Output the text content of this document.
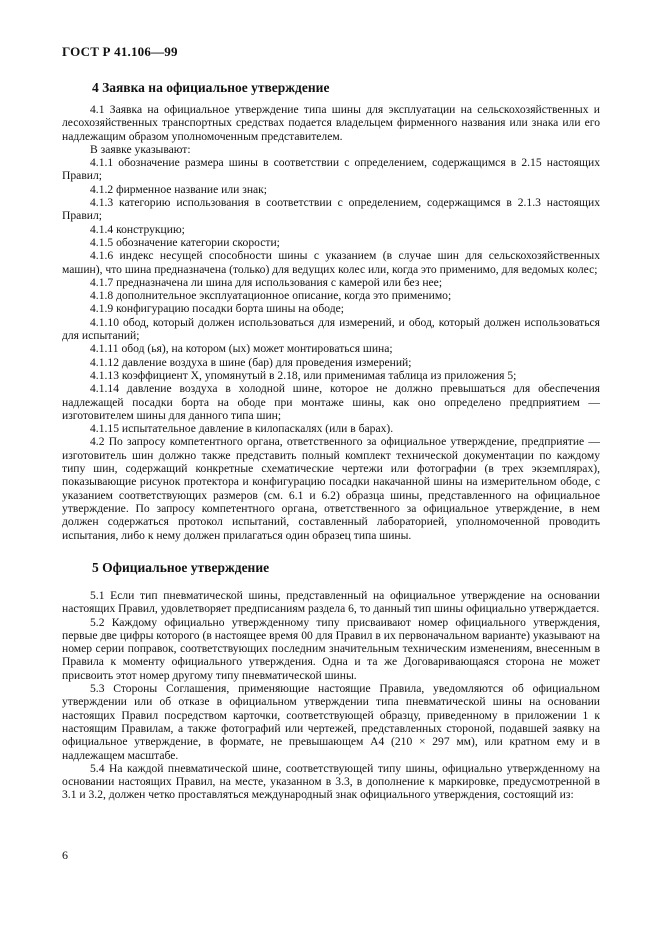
ГОСТ Р 41.106—99
4 Заявка на официальное утверждение

4.1 Заявка на официальное утверждение типа шины для эксплуатации на сельскохозяйственных и лесохозяйственных транспортных средствах подается владельцем фирменного названия или знака или его надлежащим образом уполномоченным представителем.

В заявке указывают:

4.1.1 обозначение размера шины в соответствии с определением, содержащимся в 2.15 настоящих Правил;

4.1.2 фирменное название или знак;

4.1.3 категорию использования в соответствии с определением, содержащимся в 2.1.3 настоящих Правил;

4.1.4 конструкцию;

4.1.5 обозначение категории скорости;

4.1.6 индекс несущей способности шины с указанием (в случае шин для сельскохозяйственных машин), что шина предназначена (только) для ведущих колес или, когда это применимо, для ведомых колес;

4.1.7 предназначена ли шина для использования с камерой или без нее;

4.1.8 дополнительное эксплуатационное описание, когда это применимо;

4.1.9 конфигурацию посадки борта шины на ободе;

4.1.10 обод, который должен использоваться для измерений, и обод, который должен использоваться для испытаний;

4.1.11 обод (ья), на котором (ых) может монтироваться шина;

4.1.12 давление воздуха в шине (бар) для проведения измерений;

4.1.13 коэффициент X, упомянутый в 2.18, или применимая таблица из приложения 5;

4.1.14 давление воздуха в холодной шине, которое не должно превышаться для обеспечения надлежащей посадки борта на ободе при монтаже шины, как оно определено предприятием — изготовителем шины для данного типа шин;

4.1.15 испытательное давление в килопаскалях (или в барах).

4.2 По запросу компетентного органа, ответственного за официальное утверждение, предприятие — изготовитель шин должно также представить полный комплект технической документации по каждому типу шин, содержащий конкретные схематические чертежи или фотографии (в трех экземплярах), показывающие рисунок протектора и конфигурацию посадки накачанной шины на измерительном ободе, с указанием соответствующих размеров (см. 6.1 и 6.2) образца шины, представленного на официальное утверждение. По запросу компетентного органа, ответственного за официальное утверждение, в нем должен содержаться протокол испытаний, составленный лабораторией, уполномоченной проводить испытания, либо к нему должен прилагаться один образец типа шины.

5 Официальное утверждение

5.1 Если тип пневматической шины, представленный на официальное утверждение на основании настоящих Правил, удовлетворяет предписаниям раздела 6, то данный тип шины официально утверждается.

5.2 Каждому официально утвержденному типу присваивают номер официального утверждения, первые две цифры которого (в настоящее время 00 для Правил в их первоначальном варианте) указывают на номер серии поправок, соответствующих последним значительным техническим изменениям, внесенным в Правила к моменту официального утверждения. Одна и та же Договаривающаяся сторона не может присвоить этот номер другому типу пневматической шины.

5.3 Стороны Соглашения, применяющие настоящие Правила, уведомляются об официальном утверждении или об отказе в официальном утверждении типа пневматической шины на основании настоящих Правил посредством карточки, соответствующей образцу, приведенному в приложении 1 к настоящим Правилам, а также фотографий или чертежей, представленных стороной, подавшей заявку на официальное утверждение, в формате, не превышающем А4 (210 × 297 мм), или кратном ему и в надлежащем масштабе.

5.4 На каждой пневматической шине, соответствующей типу шины, официально утвержденному на основании настоящих Правил, на месте, указанном в 3.3, в дополнение к маркировке, предусмотренной в 3.1 и 3.2, должен четко проставляться международный знак официального утверждения, состоящий из:

6
